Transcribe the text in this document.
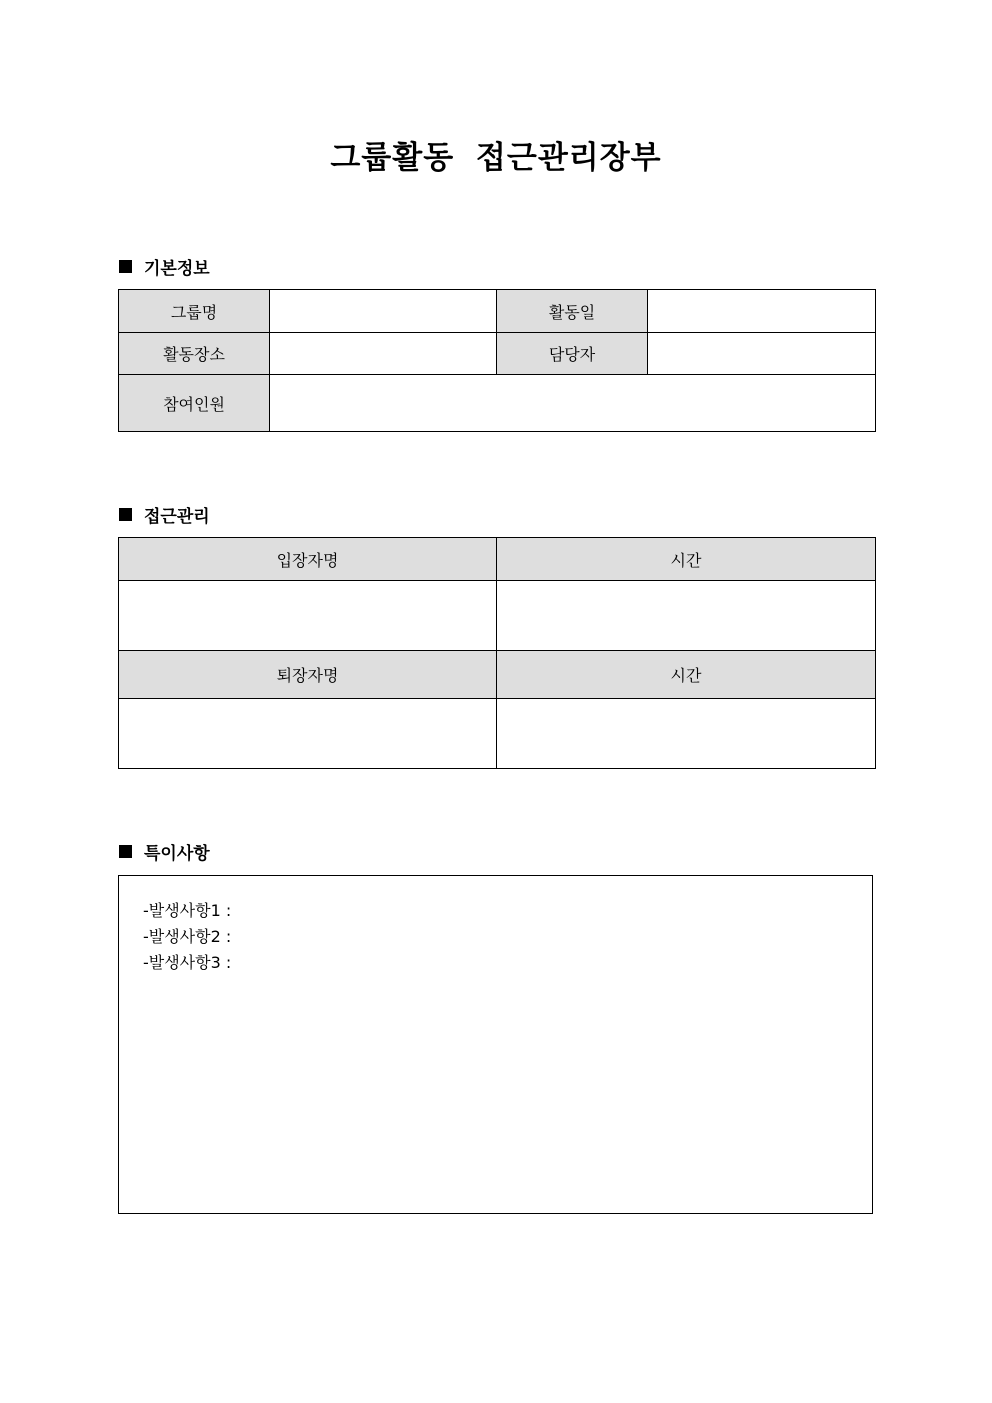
그룹활동 접근관리장부
기본정보
그룹명		활동일	
활동장소		담당자	
참여인원			
접근관리
입장자명	시간

퇴장자명	시간

특이사항
-발생사항1 :
-발생사항2 :
-발생사항3 :
